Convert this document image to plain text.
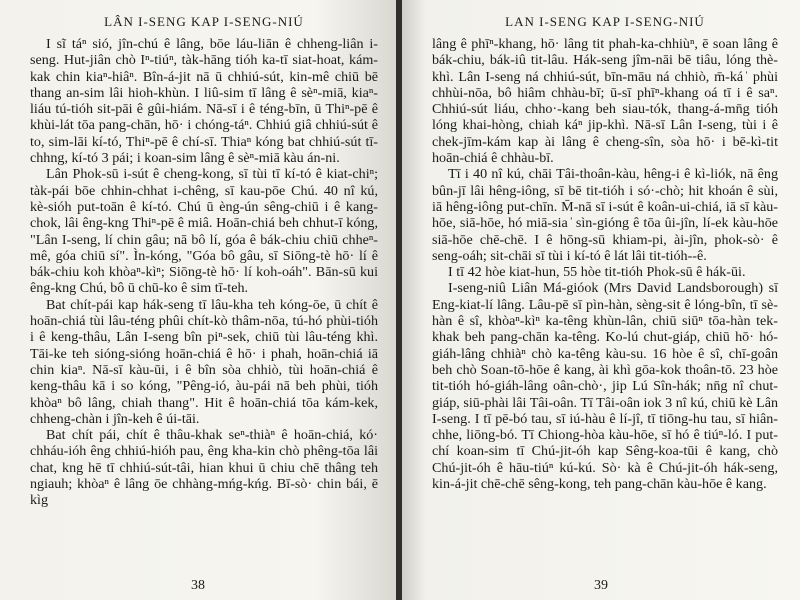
LÂN I-SENG KAP I-SENG-NIÚ

I sĩ táⁿ sió, jîn-chú ê lâng, bōe láu-liān ê chheng-liân i-seng. Hut-jiân chò Iⁿ-tiúⁿ, tàk-hāng tióh ka-tī siat-hoat, kám-kak chin kiaⁿ-hiâⁿ. Bîn-á-jit nā ū chhiú-sút, kin-mê chiū bē thang an-sim lâi hioh-khùn. I liû-sim tī lâng ê sèⁿ-miā, kiaⁿ-liáu tú-tióh sit-pāi ê gûi-hiám. Nā-sī i ê téng-bīn, ū Thiⁿ-pē ê khùi-lát tōa pang-chān, hō· i chóng-táⁿ. Chhiú giâ chhiú-sút ê to, sim-lāi kí-tó, Thiⁿ-pē ê chí-sī. Thiaⁿ kóng bat chhiú-sút tī-chhng, kí-tó 3 pái; i koan-sim lâng ê sèⁿ-miā kàu án-ni.

Lân Phok-sū i-sút ê cheng-kong, sī tùi tī kí-tó ê kiat-chiⁿ; tàk-pái bōe chhin-chhat i-chêng, sī kau-pōe Chú. 40 nî kú, kè-sióh put-toān ê kí-tó. Chú ū èng-ún sêng-chiū i ê kang-chok, lâi êng-kng Thiⁿ-pē ê miâ. Hoān-chiá beh chhut-ī kóng, "Lân I-seng, lí chin gâu; nā bô lí, góa ê bák-chiu chiū chheⁿ-mê, góa chiū sí". Ìn-kóng, "Góa bô gâu, sī Siōng-tè hō· lí ê bák-chiu koh khòaⁿ-kìⁿ; Siōng-tè hō· lí koh-oáh". Bān-sū kui êng-kng Chú, bô ū chū-ko ê sim tī-teh.

Bat chít-pái kap hák-seng tī lâu-kha teh kóng-ōe, ū chít ê hoān-chiá tùi lâu-téng phûi chít-kò thâm-nōa, tú-hó phùi-tióh i ê keng-thâu, Lân I-seng bîn piⁿ-sek, chiū tùi lâu-téng khì. Tāi-ke teh sióng-sióng hoān-chiá ê hō· i phah, hoān-chiá iā chin kiaⁿ. Nā-sī kàu-ūi, i ê bîn sòa chhiò, tùi hoān-chiá ê keng-thâu kā i so kóng, "Pêng-ió, àu-pái nā beh phùi, tióh khòaⁿ bô lâng, chiah thang". Hit ê hoān-chiá tōa kám-kek, chheng-chàn i jîn-keh ê úi-tāi.

Bat chít pái, chít ê thâu-khak seⁿ-thiàⁿ ê hoān-chiá, kó· chháu-ióh êng chhiú-hióh pau, êng kha-kin chò phêng-tōa lâi chat, kng hē tī chhiú-sút-tâi, hian khui ū chiu chē thâng teh ngiauh; khòaⁿ ê lâng ōe chhàng-mńg-kńg. Bī-sò· chin bái, ē kìg

38
LAN I-SENG KAP I-SENG-NIÚ

lâng ê phīⁿ-khang, hō· lâng tit phah-ka-chhiùⁿ, ē soan lâng ê bák-chiu, bák-iû tit-lâu. Hák-seng jîm-nāi bē tiâu, lóng thè-khì. Lân I-seng ná chhiú-sút, bīn-māu ná chhiò, m̄-ká ̍ phùi chhùi-nōa, bô hiâm chhàu-bī; ū-sī phīⁿ-khang oá tī i ê saⁿ. Chhiú-sút liáu, chho·-kang beh siau-tók, thang-á-mn̄g tióh lóng khai-hòng, chiah káⁿ jip-khì. Nā-sī Lân I-seng, tùi i ê chek-jīm-kám kap ài lâng ê cheng-sîn, sòa hō· i bē-kì-tit hoān-chiá ê chhàu-bī.

Tī i 40 nî kú, chāi Tâi-thoân-kàu, hêng-i ê kì-liók, nā êng bûn-jī lâi hêng-iông, sī bē tit-tióh i só·-chò; hit khoán ê sùi, iā hêng-iông put-chīn. M̄-nā sī i-sút ê koân-ui-chiá, iā sī kàu-hōe, siā-hōe, hó miā-sia ̍ sìn-gióng ê tōa ûi-jîn, lí-ek kàu-hōe siā-hōe chē-chē. I ê hōng-sū khiam-pi, ài-jîn, phok-sò· ê seng-oáh; sit-chāi sī tùi i kí-tó ê lát lâi tit-tióh--ê.

I tī 42 hòe kiat-hun, 55 hòe tit-tióh Phok-sū ê hák-ūi.

I-seng-niû Liân Má-gióok (Mrs David Landsborough) sī Eng-kiat-lí lâng. Lâu-pē sī pìn-hàn, sèng-sit ê lóng-bîn, tī sè-hàn ê sî, khòaⁿ-kìⁿ ka-têng khùn-lân, chiū siūⁿ tōa-hàn tek-khak beh pang-chān ka-têng. Ko-lú chut-giáp, chiū hō· hó-giáh-lâng chhiàⁿ chò ka-têng kàu-su. 16 hòe ê sî, chī-goân beh chò Soan-tō-hōe ê kang, ài khì gōa-kok thoân-tō. 23 hòe tit-tióh hó-giáh-lâng oân-chò·, jip Lú Sîn-hák; nn̄g nî chut-giáp, siū-phài lâi Tâi-oân. Tī Tâi-oân iok 3 nî kú, chiū kè Lân I-seng. I tī pē-bó tau, sī iú-hàu ê lí-jî, tī tiōng-hu tau, sī hiân-chhe, liōng-bó. Tī Chiong-hòa kàu-hōe, sī hó ê tiúⁿ-ló. I put-chí koan-sim tī Chú-jit-óh kap Sêng-koa-tūi ê kang, chò Chú-jit-óh ê hāu-tiúⁿ kú-kú. Sò· kà ê Chú-jit-óh hák-seng, kin-á-jit chē-chē sêng-kong, teh pang-chān kàu-hōe ê kang.

39
